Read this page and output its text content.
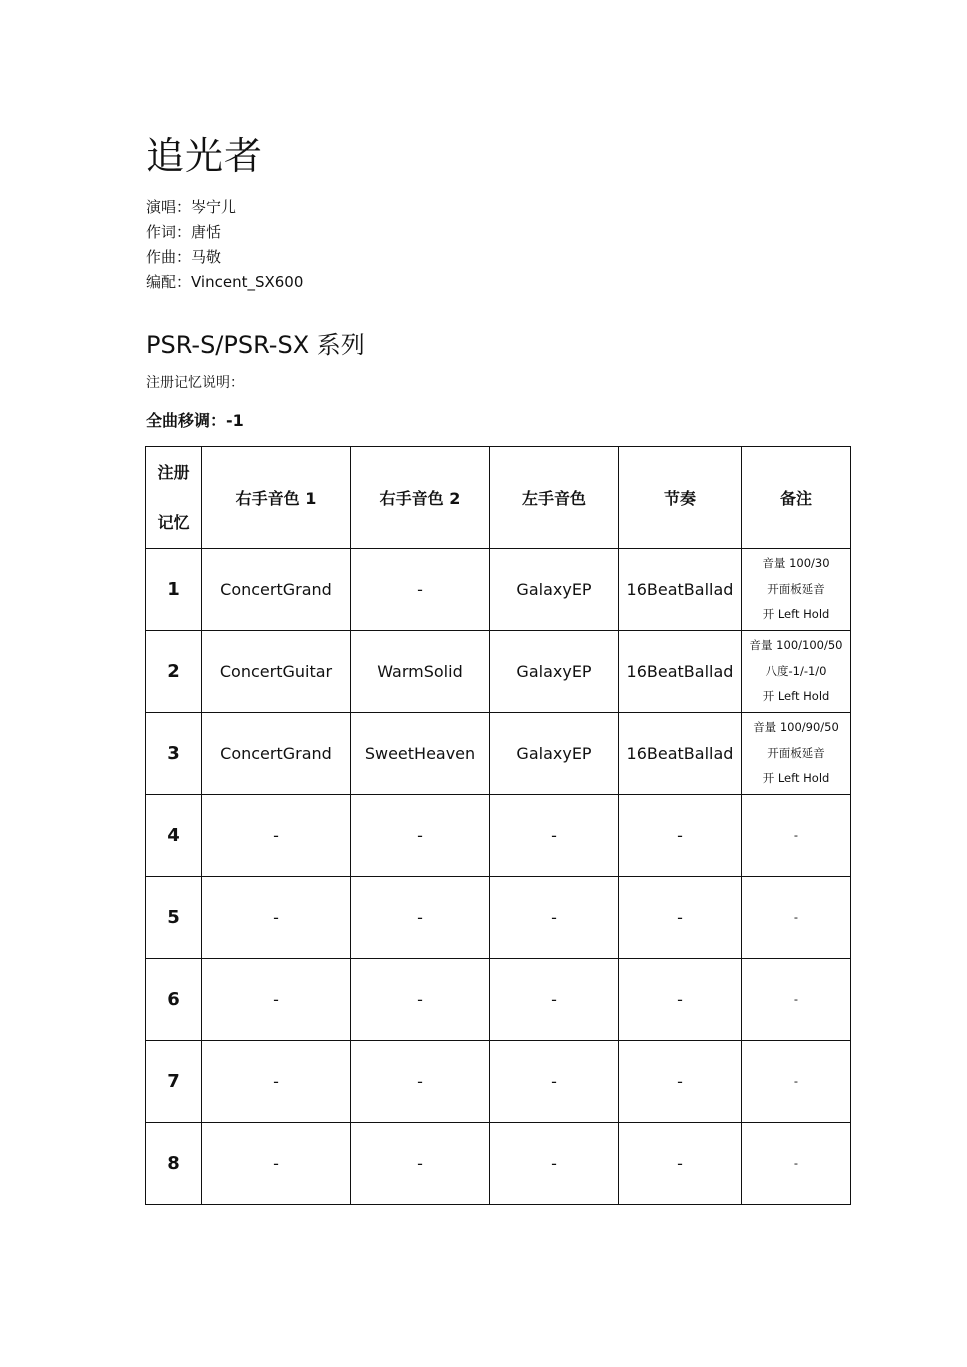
追光者
演唱：岑宁儿
作词：唐恬
作曲：马敬
编配：Vincent_SX600
PSR-S/PSR-SX 系列
注册记忆说明：
全曲移调：-1
注册
记忆	右手音色 1	右手音色 2	左手音色	节奏	备注
1	ConcertGrand	-	GalaxyEP	16BeatBallad	音量 100/30
开面板延音
开 Left Hold

2	ConcertGuitar	WarmSolid	GalaxyEP	16BeatBallad	音量 100/100/50
八度-1/-1/0
开 Left Hold

3	ConcertGrand	SweetHeaven	GalaxyEP	16BeatBallad	音量 100/90/50
开面板延音
开 Left Hold

4	-	-	-	-	-

5	-	-	-	-	-

6	-	-	-	-	-

7	-	-	-	-	-

8	-	-	-	-	-
